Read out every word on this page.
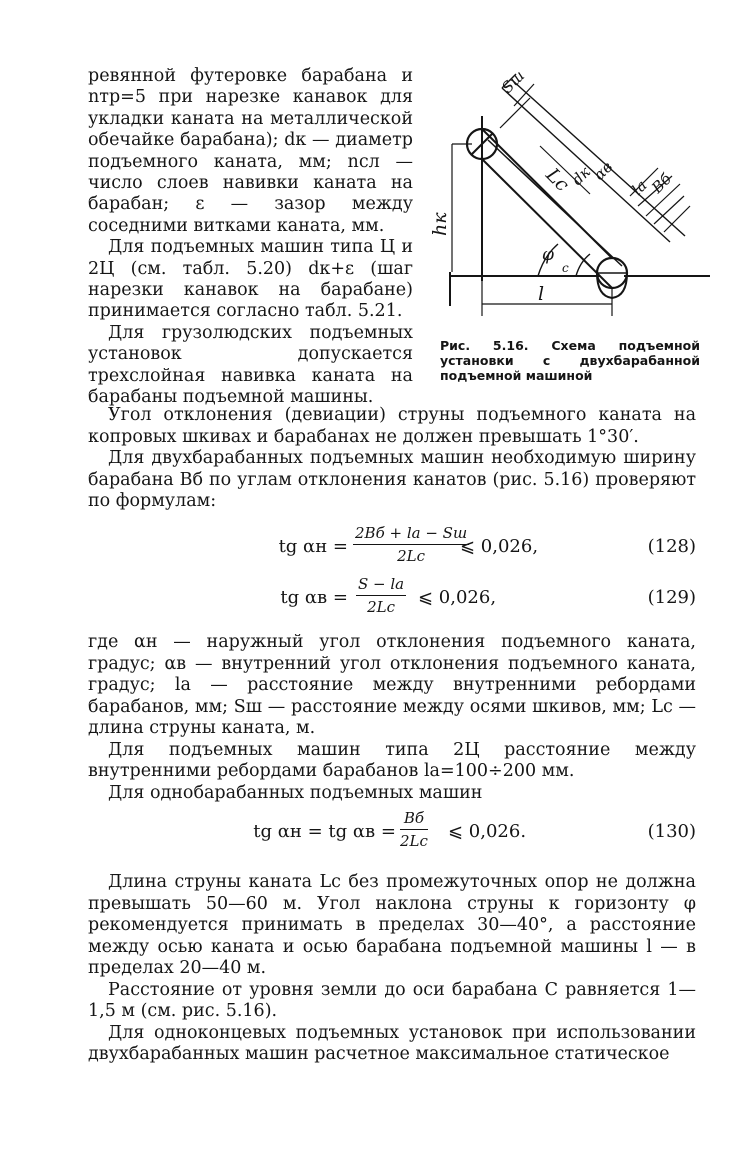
ревянной футеровке барабана и nтр=5 при нарезке канавок для укладки каната на металлической обечайке барабана); dк — диаметр подъемного каната, мм; nсл — число слоев навивки каната на барабан; ε — зазор между соседними витками каната, мм.

Для подъемных машин типа Ц и 2Ц (см. табл. 5.20) dк+ε (шаг нарезки канавок на барабане) принимается согласно табл. 5.21.

Для грузолюдских подъемных установок допускается трехслойная навивка каната на барабаны подъемной машины.

Sш
Lc αв
dк la
Bб
hк
φ
c
l
Рис. 5.16. Схема подъемной установки с двухбарабанной подъемной машиной

Угол отклонения (девиации) струны подъемного каната на копровых шкивах и барабанах не должен превышать 1°30′.

Для двухбарабанных подъемных машин необходимую ширину барабана Bб по углам отклонения канатов (рис. 5.16) проверяют по формулам:

tg αн =
2Bб + la − Sш
2Lc	⩽ 0,026,	(128)
tg $\alpha в = \frac{S - la}{2Lc}$ ⩽ 0,026,	(129)

где αн — наружный угол отклонения подъемного каната, градус; αв — внутренний угол отклонения подъемного каната, градус; la — расстояние между внутренними ребордами барабанов, мм; Sш — расстояние между осями шкивов, мм; Lc — длина струны каната, м.

Для подъемных машин типа 2Ц расстояние между внутренними ребордами барабанов la=100÷200 мм.

Для однобарабанных подъемных машин

tg αн = tg αв =
Bб
2Lc ⩽ 0,026.	(130)

Длина струны каната Lc без промежуточных опор не должна превышать 50—60 м. Угол наклона струны к горизонту φ рекомендуется принимать в пределах 30—40°, а расстояние между осью каната и осью барабана подъемной машины l — в пределах 20—40 м.

Расстояние от уровня земли до оси барабана C равняется 1—1,5 м (см. рис. 5.16).

Для одноконцевых подъемных установок при использовании двухбарабанных машин расчетное максимальное статическое
